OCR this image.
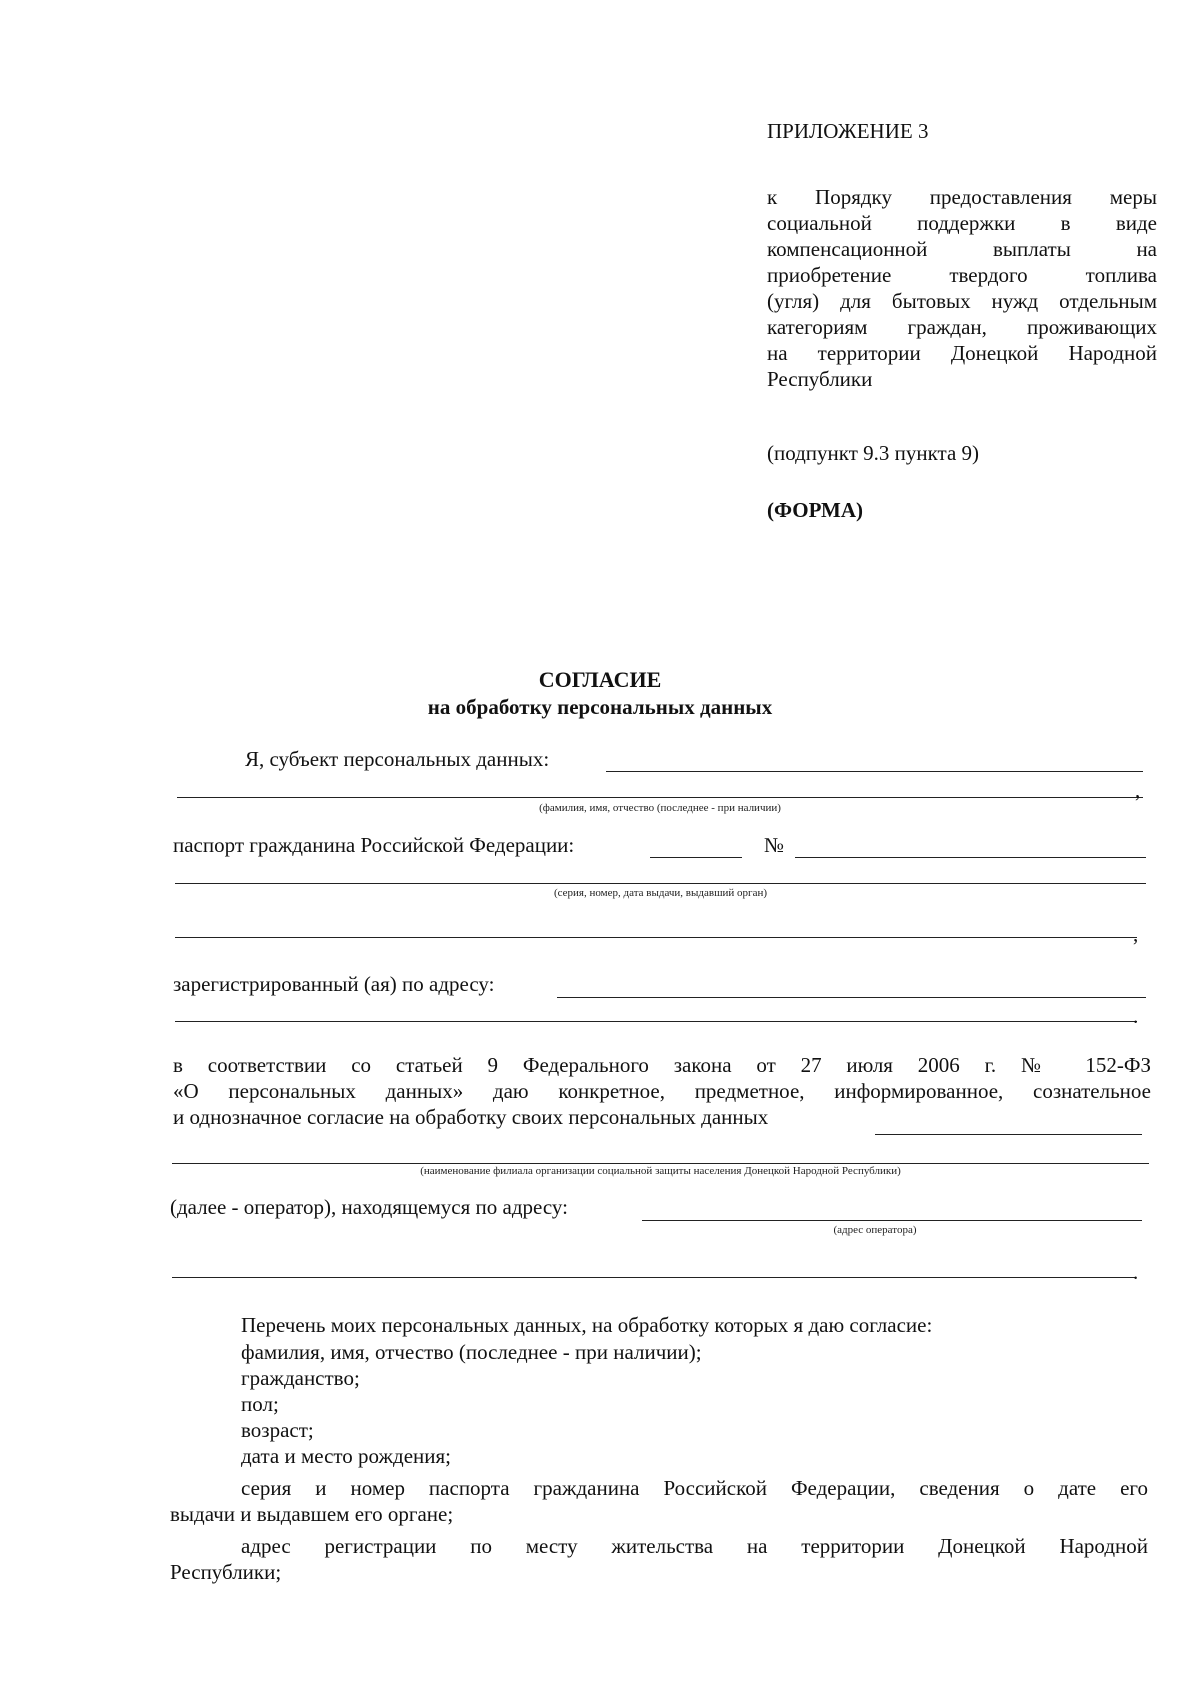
ПРИЛОЖЕНИЕ 3
к Порядку предоставления меры
социальной поддержки в виде
компенсационной выплаты на
приобретение твердого топлива
(угля) для бытовых нужд отдельным
категориям граждан, проживающих
на территории Донецкой Народной
Республики
(подпункт 9.3 пункта 9)
(ФОРМА)
СОГЛАСИЕ
на обработку персональных данных
Я, субъект персональных данных:
,
(фамилия, имя, отчество (последнее - при наличии)
паспорт гражданина Российской Федерации:	№
(серия, номер, дата выдачи, выдавший орган)
,
зарегистрированный (ая) по адресу:
.
в соответствии со статьей 9 Федерального закона от 27 июля 2006 г. № 152-ФЗ
«О персональных данных» даю конкретное, предметное, информированное, сознательное
и однозначное согласие на обработку своих персональных данных
(наименование филиала организации социальной защиты населения Донецкой Народной Республики)
(далее - оператор), находящемуся по адресу:
(адрес оператора)
.
Перечень моих персональных данных, на обработку которых я даю согласие:
фамилия, имя, отчество (последнее - при наличии);
гражданство;
пол;
возраст;
дата и место рождения;
серия и номер паспорта гражданина Российской Федерации, сведения о дате его
выдачи и выдавшем его органе;
адрес регистрации по месту жительства на территории Донецкой Народной
Республики;
